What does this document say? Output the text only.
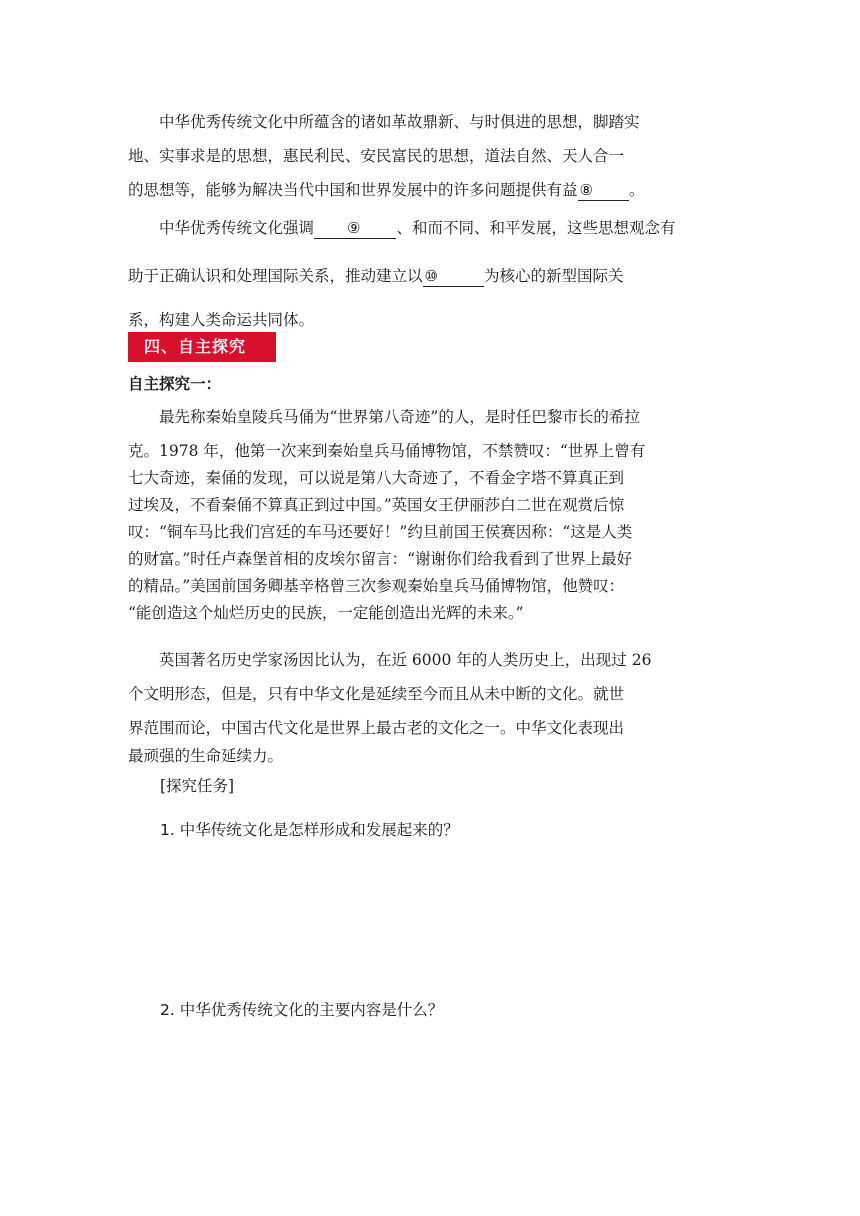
中华优秀传统文化中所蕴含的诸如革故鼎新、与时俱进的思想，脚踏实
地、实事求是的思想，惠民利民、安民富民的思想，道法自然、天人合一
的思想等，能够为解决当代中国和世界发展中的许多问题提供有益 ⑧ 。
中华优秀传统文化强调 ⑨ 、和而不同、和平发展，这些思想观念有
助于正确认识和处理国际关系，推动建立以 ⑩	为核心的新型国际关
系，构建人类命运共同体。
四、自主探究

自主探究一：

最先称秦始皇陵兵马俑为“世界第八奇迹”的人，是时任巴黎市长的希拉
克。1978 年，他第一次来到秦始皇兵马俑博物馆，不禁赞叹：“世界上曾有
七大奇迹，秦俑的发现，可以说是第八大奇迹了，不看金字塔不算真正到
过埃及，不看秦俑不算真正到过中国。”英国女王伊丽莎白二世在观赏后惊
叹：“铜车马比我们宫廷的车马还要好！”约旦前国王侯赛因称：“这是人类
的财富。”时任卢森堡首相的皮埃尔留言：“谢谢你们给我看到了世界上最好
的精品。”美国前国务卿基辛格曾三次参观秦始皇兵马俑博物馆，他赞叹：
“能创造这个灿烂历史的民族，一定能创造出光辉的未来。”
英国著名历史学家汤因比认为，在近 6000 年的人类历史上，出现过 26
个文明形态，但是，只有中华文化是延续至今而且从未中断的文化。就世
界范围而论，中国古代文化是世界上最古老的文化之一。中华文化表现出
最顽强的生命延续力。

[探究任务]

1. 中华传统文化是怎样形成和发展起来的？

2. 中华优秀传统文化的主要内容是什么？
